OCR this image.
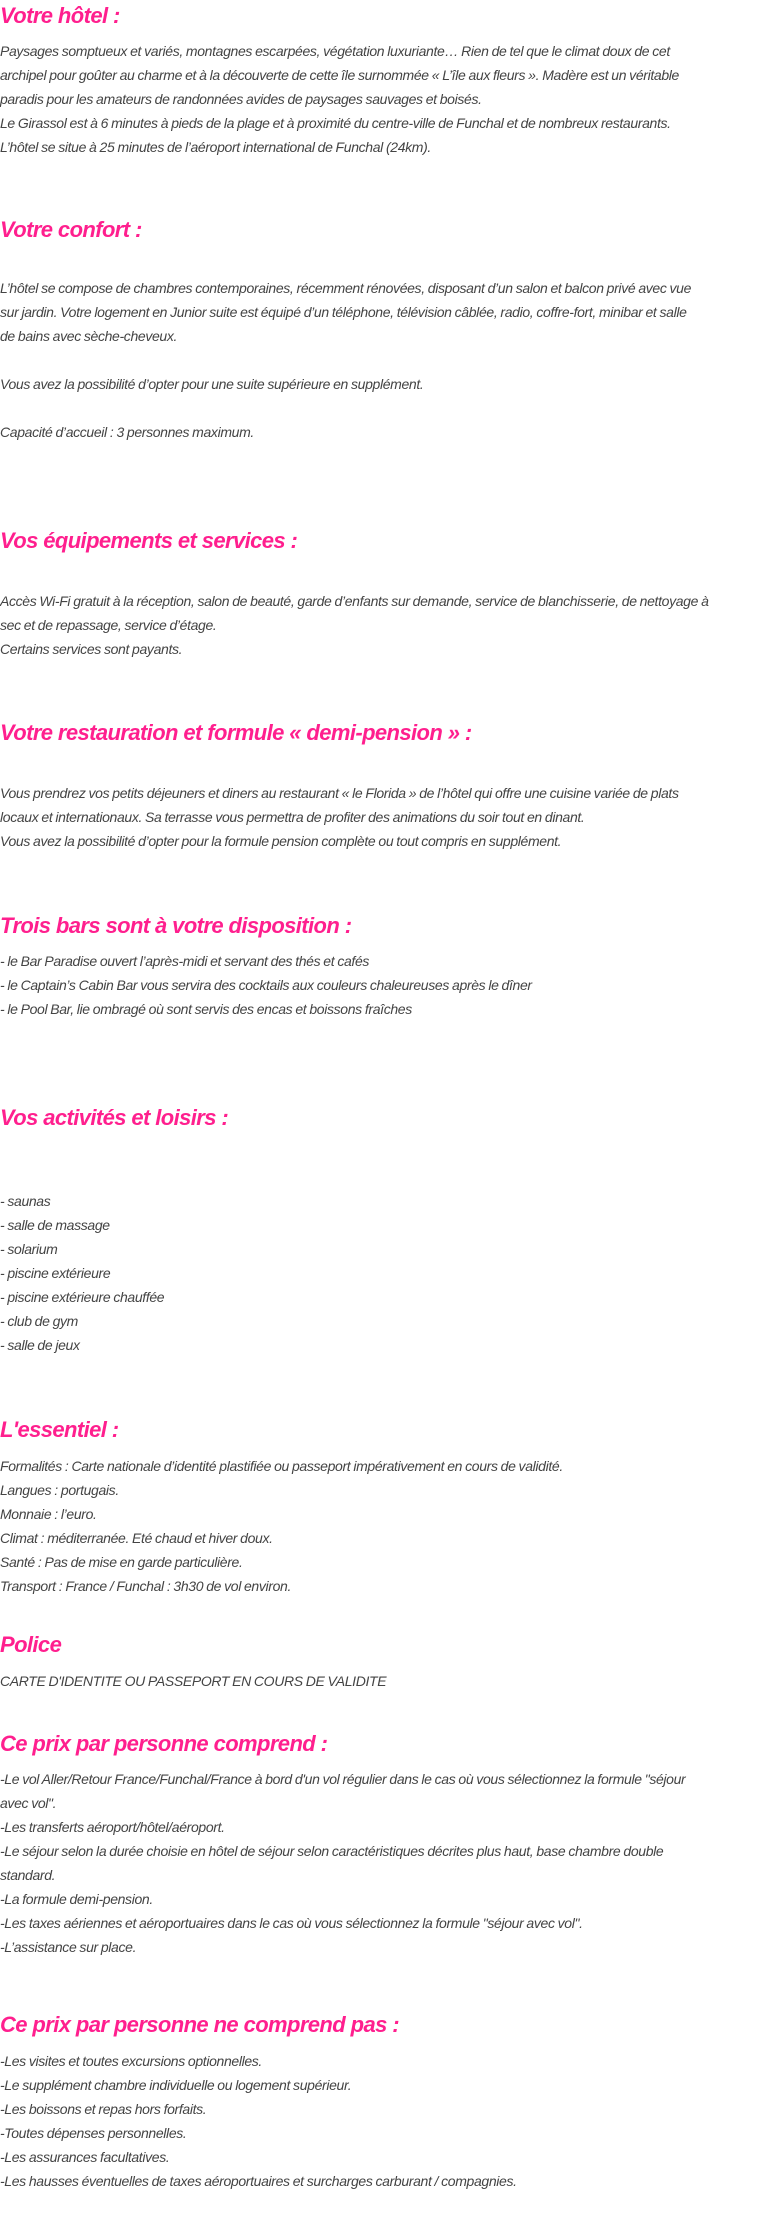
Votre hôtel :
Paysages somptueux et variés, montagnes escarpées, végétation luxuriante… Rien de tel que le climat doux de cet
archipel pour goûter au charme et à la découverte de cette île surnommée « L’île aux fleurs ». Madère est un véritable
paradis pour les amateurs de randonnées avides de paysages sauvages et boisés.
Le Girassol est à 6 minutes à pieds de la plage et à proximité du centre-ville de Funchal et de nombreux restaurants.
L’hôtel se situe à 25 minutes de l’aéroport international de Funchal (24km).
Votre confort :
L’hôtel se compose de chambres contemporaines, récemment rénovées, disposant d’un salon et balcon privé avec vue
sur jardin. Votre logement en Junior suite est équipé d’un téléphone, télévision câblée, radio, coffre-fort, minibar et salle
de bains avec sèche-cheveux.
Vous avez la possibilité d’opter pour une suite supérieure en supplément.
Capacité d’accueil : 3 personnes maximum.
Vos équipements et services :
Accès Wi-Fi gratuit à la réception, salon de beauté, garde d’enfants sur demande, service de blanchisserie, de nettoyage à
sec et de repassage, service d’étage.
Certains services sont payants.
Votre restauration et formule « demi-pension » :
Vous prendrez vos petits déjeuners et diners au restaurant « le Florida » de l’hôtel qui offre une cuisine variée de plats
locaux et internationaux. Sa terrasse vous permettra de profiter des animations du soir tout en dinant.
Vous avez la possibilité d’opter pour la formule pension complète ou tout compris en supplément.
Trois bars sont à votre disposition :
- le Bar Paradise ouvert l’après-midi et servant des thés et cafés
- le Captain’s Cabin Bar vous servira des cocktails aux couleurs chaleureuses après le dîner
- le Pool Bar, lie ombragé où sont servis des encas et boissons fraîches
Vos activités et loisirs :
- saunas
- salle de massage
- solarium
- piscine extérieure
- piscine extérieure chauffée
- club de gym
- salle de jeux
L'essentiel :
Formalités : Carte nationale d’identité plastifiée ou passeport impérativement en cours de validité.
Langues : portugais.
Monnaie : l’euro.
Climat : méditerranée. Eté chaud et hiver doux.
Santé : Pas de mise en garde particulière.
Transport : France / Funchal : 3h30 de vol environ.
Police
CARTE D'IDENTITE OU PASSEPORT EN COURS DE VALIDITE
Ce prix par personne comprend :
-Le vol Aller/Retour France/Funchal/France à bord d'un vol régulier dans le cas où vous sélectionnez la formule "séjour
avec vol".
-Les transferts aéroport/hôtel/aéroport.
-Le séjour selon la durée choisie en hôtel de séjour selon caractéristiques décrites plus haut, base chambre double
standard.
-La formule demi-pension.
-Les taxes aériennes et aéroportuaires dans le cas où vous sélectionnez la formule "séjour avec vol".
-L’assistance sur place.
Ce prix par personne ne comprend pas :
-Les visites et toutes excursions optionnelles.
-Le supplément chambre individuelle ou logement supérieur.
-Les boissons et repas hors forfaits.
-Toutes dépenses personnelles.
-Les assurances facultatives.
-Les hausses éventuelles de taxes aéroportuaires et surcharges carburant / compagnies.
